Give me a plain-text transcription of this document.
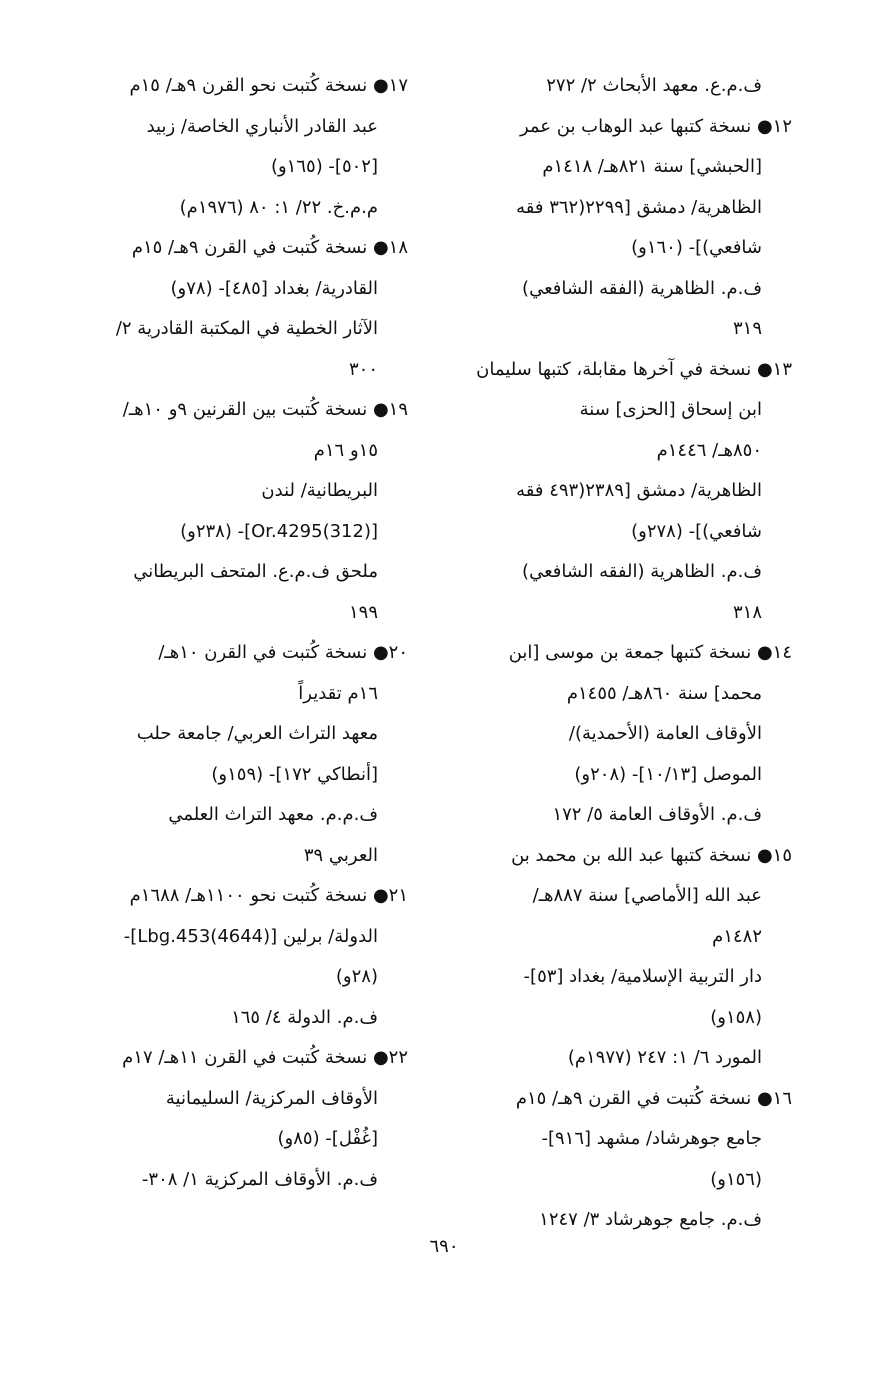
ف.م.ع. معهد الأبحاث ٢/ ٢٧٢
١٢● نسخة كتبها عبد الوهاب بن عمر
[الحبشي] سنة ٨٢١هـ/ ١٤١٨م
الظاهرية/ دمشق [٢٢٩٩(٣٦٢ فقه
شافعي)]- (١٦٠و)
ف.م. الظاهرية (الفقه الشافعي)
٣١٩
١٣● نسخة في آخرها مقابلة، كتبها سليمان
ابن إسحاق [الحزى] سنة
٨٥٠هـ/ ١٤٤٦م
الظاهرية/ دمشق [٢٣٨٩(٤٩٣ فقه
شافعي)]- (٢٧٨و)
ف.م. الظاهرية (الفقه الشافعي)
٣١٨
١٤● نسخة كتبها جمعة بن موسى [ابن
محمد] سنة ٨٦٠هـ/ ١٤٥٥م
الأوقاف العامة (الأحمدية)/
الموصل [١٠/١٣]- (٢٠٨و)
ف.م. الأوقاف العامة ٥/ ١٧٢
١٥● نسخة كتبها عبد الله بن محمد بن
عبد الله [الأماصي] سنة ٨٨٧هـ/
١٤٨٢م
دار التربية الإسلامية/ بغداد [٥٣]-
(١٥٨و)
المورد ٦/ ١: ٢٤٧ (١٩٧٧م)
١٦● نسخة كُتبت في القرن ٩هـ/ ١٥م
جامع جوهرشاد/ مشهد [٩١٦]-
(١٥٦و)
ف.م. جامع جوهرشاد ٣/ ١٢٤٧
١٧● نسخة كُتبت نحو القرن ٩هـ/ ١٥م
عبد القادر الأنباري الخاصة/ زبيد
[٥٠٢]- (١٦٥و)
م.م.خ. ٢٢/ ١: ٨٠ (١٩٧٦م)
١٨● نسخة كُتبت في القرن ٩هـ/ ١٥م
القادرية/ بغداد [٤٨٥]- (٧٨و)
الآثار الخطية في المكتبة القادرية ٢/
٣٠٠
١٩● نسخة كُتبت بين القرنين ٩و ١٠هـ/
١٥و ١٦م
البريطانية/ لندن
[(312)Or.4295]- (٢٣٨و)
ملحق ف.م.ع. المتحف البريطاني
١٩٩
٢٠● نسخة كُتبت في القرن ١٠هـ/
١٦م تقديراً
معهد التراث العربي/ جامعة حلب
[أنطاكي ١٧٢]- (١٥٩و)
ف.م.م. معهد التراث العلمي
العربي ٣٩
٢١● نسخة كُتبت نحو ١١٠٠هـ/ ١٦٨٨م
الدولة/ برلين [(4644)Lbg.453]-
(٢٨و)
ف.م. الدولة ٤/ ١٦٥
٢٢● نسخة كُتبت في القرن ١١هـ/ ١٧م
الأوقاف المركزية/ السليمانية
[غُفْل]- (٨٥و)
ف.م. الأوقاف المركزية ١/ ٣٠٨-
٦٩٠
